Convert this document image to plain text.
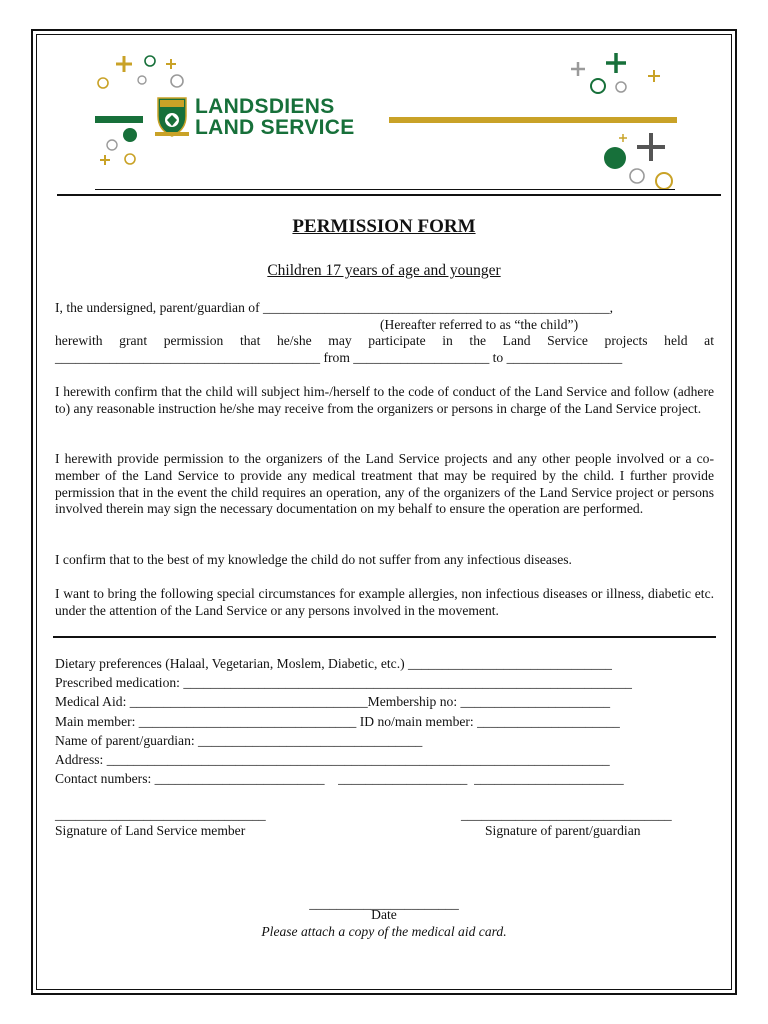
LANDSDIENS
LAND SERVICE
PERMISSION FORM
Children 17 years of age and younger
I, the undersigned, parent/guardian of ___________________________________________________,
(Hereafter referred to as “the child”)
herewith grant permission that he/she may participate in the Land Service projects held at
_______________________________________ from ____________________ to _________________

I herewith confirm that the child will subject him-/herself to the code of conduct of the Land Service and follow (adhere to) any reasonable instruction he/she may receive from the organizers or persons in charge of the Land Service project.

I herewith provide permission to the organizers of the Land Service projects and any other people involved or a co-member of the Land Service to provide any medical treatment that may be required by the child. I further provide permission that in the event the child requires an operation, any of the organizers of the Land Service project or persons involved therein may sign the necessary documentation on my behalf to ensure the operation are performed.

I confirm that to the best of my knowledge the child do not suffer from any infectious diseases.

I want to bring the following special circumstances for example allergies, non infectious diseases or illness, diabetic etc. under the attention of the Land Service or any persons involved in the movement.

Dietary preferences (Halaal, Vegetarian, Moslem, Diabetic, etc.) ______________________________
Prescribed medication: __________________________________________________________________
Medical Aid: ___________________________________Membership no: ______________________
Main member: ________________________________ ID no/main member: _____________________
Name of parent/guardian: _________________________________
Address: __________________________________________________________________________
Contact numbers: _________________________    ___________________  ______________________
_______________________________	_______________________________
Signature of Land Service member	Signature of parent/guardian
______________________
Date
Please attach a copy of the medical aid card.
